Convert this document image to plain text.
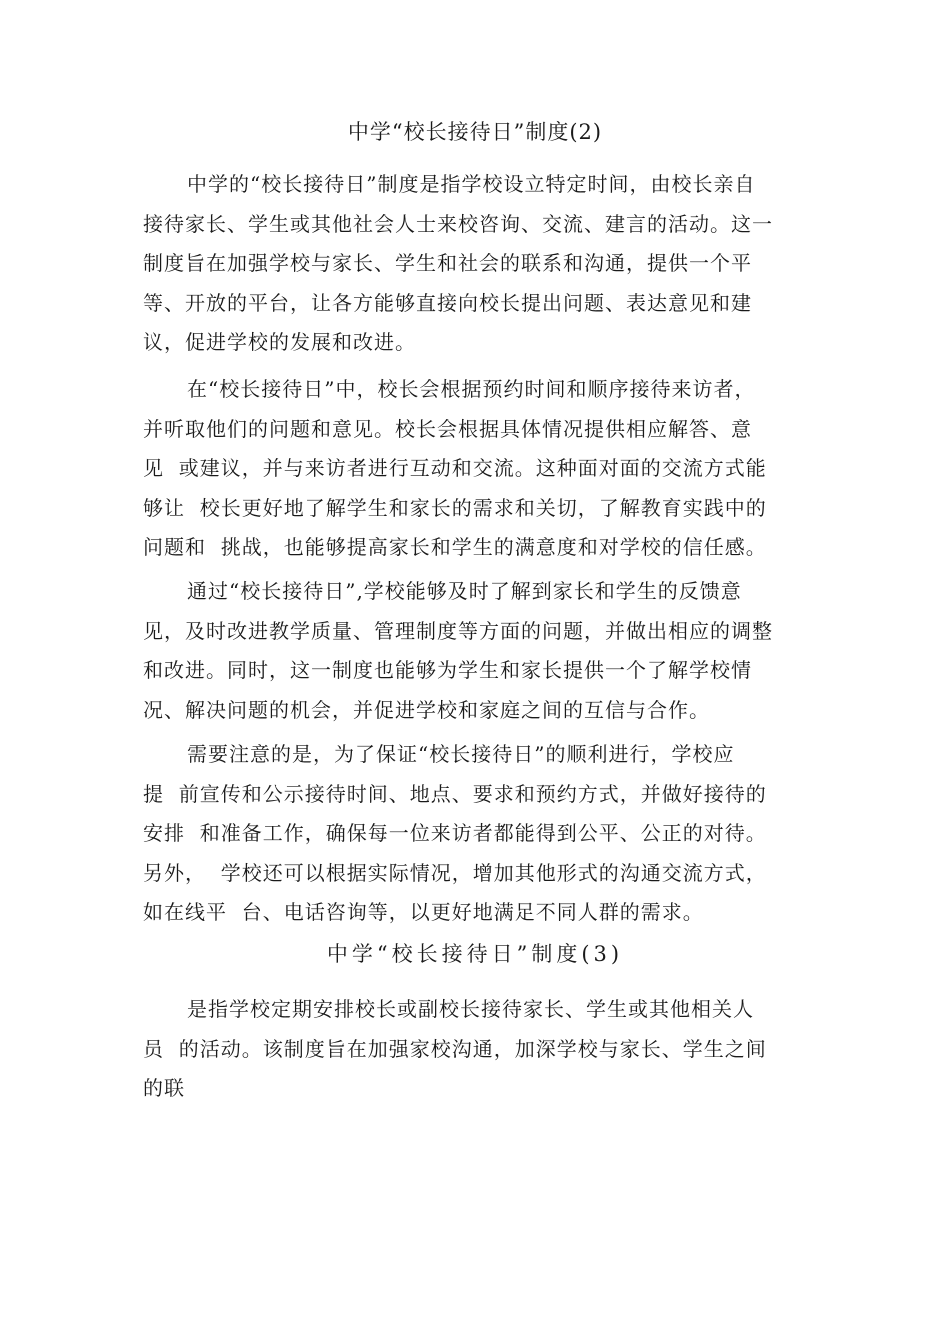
中学“校长接待日”制度(2)

中学的“校长接待日”制度是指学校设立特定时间，由校长亲自
接待家长、学生或其他社会人士来校咨询、交流、建言的活动。这一
制度旨在加强学校与家长、学生和社会的联系和沟通，提供一个平
等、开放的平台，让各方能够直接向校长提出问题、表达意见和建
议，促进学校的发展和改进。

在“校长接待日”中，校长会根据预约时间和顺序接待来访者，
并听取他们的问题和意见。校长会根据具体情况提供相应解答、意
见  或建议，并与来访者进行互动和交流。这种面对面的交流方式能
够让  校长更好地了解学生和家长的需求和关切，了解教育实践中的
问题和  挑战，也能够提高家长和学生的满意度和对学校的信任感。

通过“校长接待日”,学校能够及时了解到家长和学生的反馈意
见，及时改进教学质量、管理制度等方面的问题，并做出相应的调整
和改进。同时，这一制度也能够为学生和家长提供一个了解学校情
况、解决问题的机会，并促进学校和家庭之间的互信与合作。

需要注意的是，为了保证“校长接待日”的顺利进行，学校应
提  前宣传和公示接待时间、地点、要求和预约方式，并做好接待的
安排  和准备工作，确保每一位来访者都能得到公平、公正的对待。
另外，  学校还可以根据实际情况，增加其他形式的沟通交流方式，
如在线平  台、电话咨询等，以更好地满足不同人群的需求。

中学“校长接待日”制度(3)

是指学校定期安排校长或副校长接待家长、学生或其他相关人
员  的活动。该制度旨在加强家校沟通，加深学校与家长、学生之间
的联
